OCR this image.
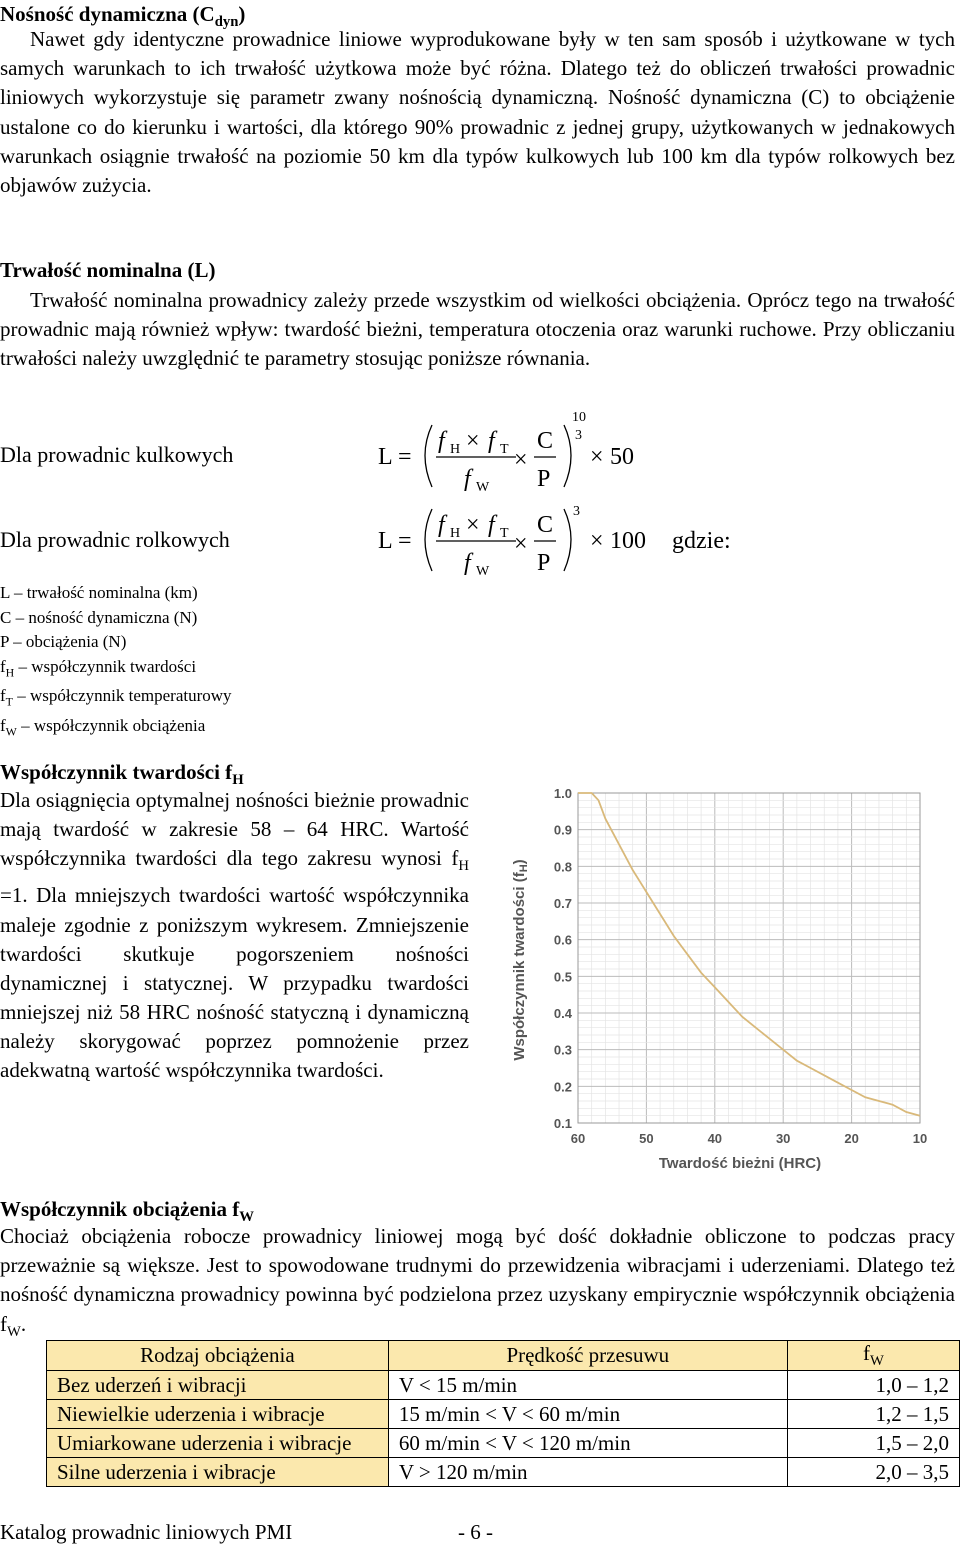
Nośność dynamiczna $(C_{dyn})$
Nawet gdy identyczne prowadnice liniowe wyprodukowane były w ten sam sposób i użytkowane w tych samych warunkach to ich trwałość użytkowa może być różna. Dlatego też do obliczeń trwałości prowadnic liniowych wykorzystuje się parametr zwany nośnością dynamiczną. Nośność dynamiczna (C) to obciążenie ustalone co do kierunku i wartości, dla którego 90% prowadnic z jednej grupy, użytkowanych w jednakowych warunkach osiągnie trwałość na poziomie 50 km dla typów kulkowych lub 100 km dla typów rolkowych bez objawów zużycia.
Trwałość nominalna (L)
Trwałość nominalna prowadnicy zależy przede wszystkim od wielkości obciążenia. Oprócz tego na trwałość prowadnic mają również wpływ: twardość bieżni, temperatura otoczenia oraz warunki ruchowe. Przy obliczaniu trwałości należy uwzględnić te parametry stosując poniższe równania.
Dla prowadnic kulkowych
Dla prowadnic rolkowych
L =
f H × f T
f W
×
C
P
10
3
× 50
L =
f H × f T
f W
×
C
P
3
× 100 gdzie:
L – trwałość nominalna (km)
C – nośność dynamiczna (N)
P – obciążenia (N)
$f_H$ – współczynnik twardości
$f_T$ – współczynnik temperaturowy
$f_W$ – współczynnik obciążenia
Współczynnik twardości $f_H$
Dla osiągnięcia optymalnej nośności bieżnie prowadnic mają twardość w zakresie 58 – 64 HRC. Wartość współczynnika twardości dla tego zakresu wynosi $f_H =1$. Dla mniejszych twardości wartość współczynnika maleje zgodnie z poniższym wykresem. Zmniejszenie twardości skutkuje pogorszeniem nośności dynamicznej i statycznej. W przypadku twardości mniejszej niż 58 HRC nośność statyczną i dynamiczną należy skorygować poprzez pomnożenie przez adekwatną wartość współczynnika twardości.
1.0
0.9
0.8
0.7
0.6
0.5
0.4
0.3
0.2
0.1
60	50	40	30	20	10
Twardość bieżni (HRC)
Współczynnik twardości $(f_H)$
Współczynnik obciążenia $f_W$
Chociaż obciążenia robocze prowadnicy liniowej mogą być dość dokładnie obliczone to podczas pracy przeważnie są większe. Jest to spowodowane trudnymi do przewidzenia wibracjami i uderzeniami. Dlatego też nośność dynamiczna prowadnicy powinna być podzielona przez uzyskany empirycznie współczynnik obciążenia $f_W$.
Rodzaj obciążenia	Prędkość przesuwu	$f_W$
Bez uderzeń i wibracji	V < 15 m/min	1,0 – 1,2
Niewielkie uderzenia i wibracje	15 m/min < V < 60 m/min	1,2 – 1,5
Umiarkowane uderzenia i wibracje	60 m/min < V < 120 m/min	1,5 – 2,0
Silne uderzenia i wibracje	V > 120 m/min	2,0 – 3,5
Katalog prowadnic liniowych PMI	- 6 -
